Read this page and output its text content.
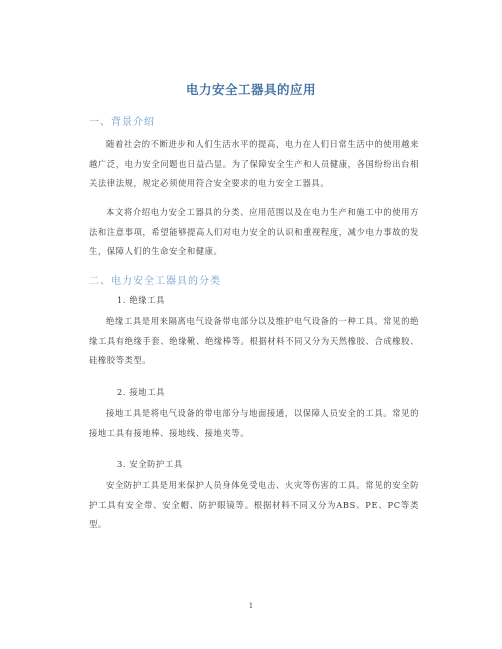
电力安全工器具的应用
一、背景介绍
随着社会的不断进步和人们生活水平的提高，电力在人们日常生活中的使用越来越广泛，电力安全问题也日益凸显。为了保障安全生产和人员健康，各国纷纷出台相关法律法规，规定必须使用符合安全要求的电力安全工器具。
本文将介绍电力安全工器具的分类、应用范围以及在电力生产和施工中的使用方法和注意事项，希望能够提高人们对电力安全的认识和重视程度，减少电力事故的发生，保障人们的生命安全和健康。
二、电力安全工器具的分类
1. 绝缘工具
绝缘工具是用来隔离电气设备带电部分以及维护电气设备的一种工具。常见的绝缘工具有绝缘手套、绝缘靴、绝缘棒等。根据材料不同又分为天然橡胶、合成橡胶、硅橡胶等类型。
2. 接地工具
接地工具是将电气设备的带电部分与地面接通，以保障人员安全的工具。常见的接地工具有接地棒、接地线、接地夹等。
3. 安全防护工具
安全防护工具是用来保护人员身体免受电击、火灾等伤害的工具。常见的安全防护工具有安全带、安全帽、防护眼镜等。根据材料不同又分为ABS、PE、PC等类型。
1
